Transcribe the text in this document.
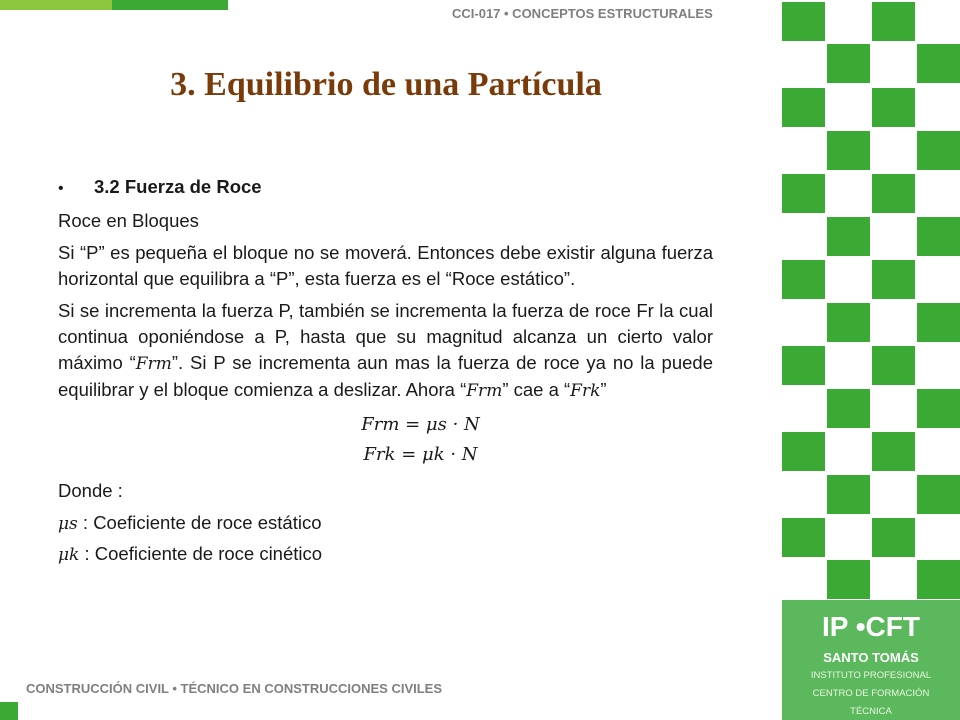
CCI-017 • CONCEPTOS ESTRUCTURALES
3. Equilibrio de una Partícula
•	3.2 Fuerza de Roce

Roce en Bloques

Si “P” es pequeña el bloque no se moverá. Entonces debe existir alguna fuerza horizontal que equilibra a “P”, esta fuerza es el “Roce estático”.

Si se incrementa la fuerza P, también se incrementa la fuerza de roce Fr la cual continua oponiéndose a P, hasta que su magnitud alcanza un cierto valor máximo “Frm”. Si P se incrementa aun mas la fuerza de roce ya no la puede equilibrar y el bloque comienza a deslizar. Ahora “Frm” cae a “Frk”

Frm = μs · N
Frk = μk · N

Donde :

μs : Coeficiente de roce estático

μk : Coeficiente de roce cinético

CONSTRUCCIÓN CIVIL • TÉCNICO EN CONSTRUCCIONES CIVILES
IP •CFT
SANTO TOMÁS
INSTITUTO PROFESIONAL
CENTRO DE FORMACIÓN
TÉCNICA
